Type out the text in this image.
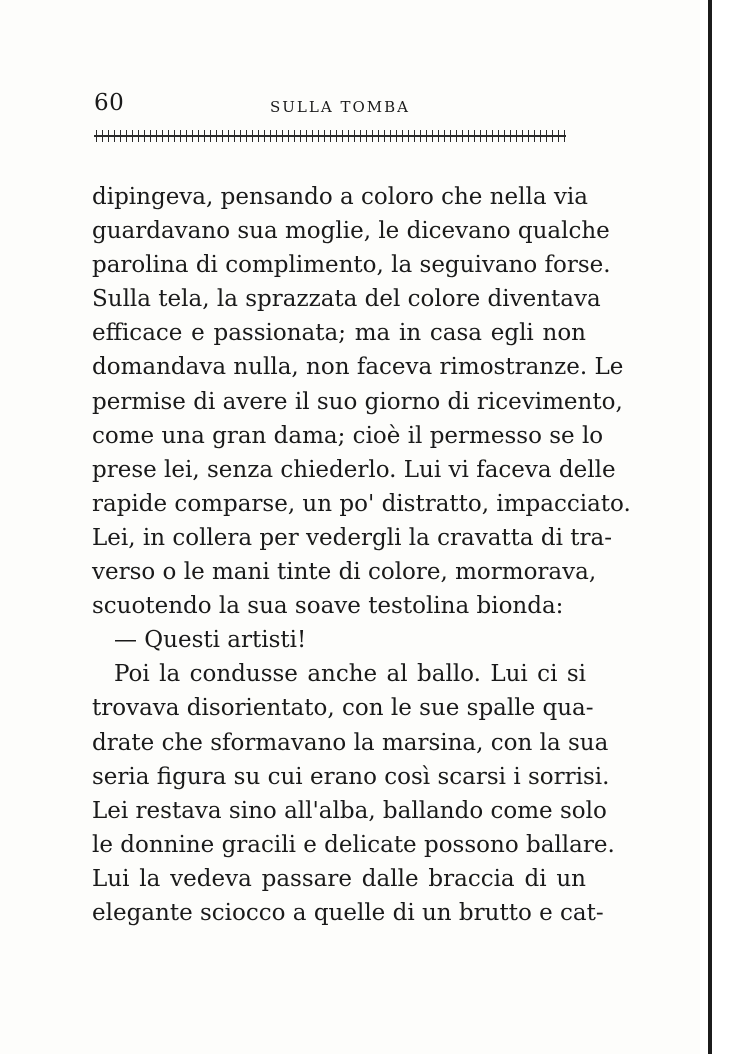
60	SULLA TOMBA
dipingeva, pensando a coloro che nella via
guardavano sua moglie, le dicevano qualche
parolina di complimento, la seguivano forse.
Sulla tela, la sprazzata del colore diventava
efficace e passionata; ma in casa egli non
domandava nulla, non faceva rimostranze. Le
permise di avere il suo giorno di ricevimento,
come una gran dama; cioè il permesso se lo
prese lei, senza chiederlo. Lui vi faceva delle
rapide comparse, un po' distratto, impacciato.
Lei, in collera per vedergli la cravatta di tra-
verso o le mani tinte di colore, mormorava,
scuotendo la sua soave testolina bionda:
— Questi artisti!
Poi la condusse anche al ballo. Lui ci si
trovava disorientato, con le sue spalle qua-
drate che sformavano la marsina, con la sua
seria figura su cui erano così scarsi i sorrisi.
Lei restava sino all'alba, ballando come solo
le donnine gracili e delicate possono ballare.
Lui la vedeva passare dalle braccia di un
elegante sciocco a quelle di un brutto e cat-
